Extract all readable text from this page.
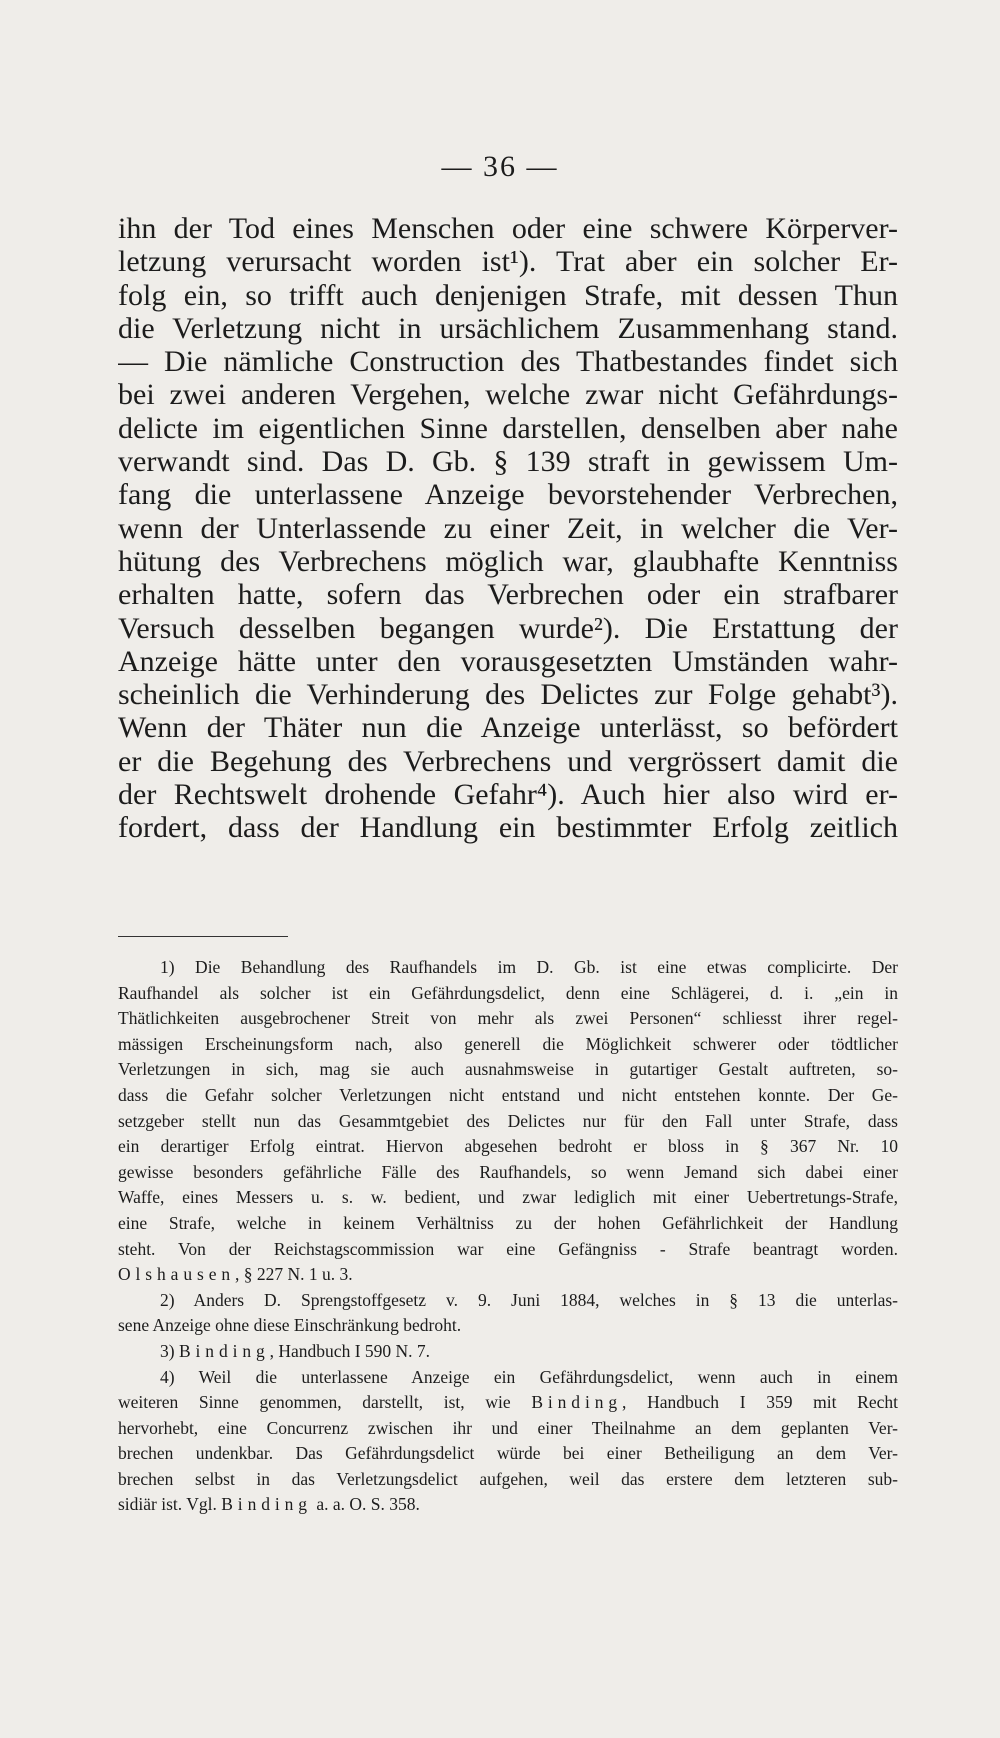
— 36 —
ihn der Tod eines Menschen oder eine schwere Körperver-
letzung verursacht worden ist¹). Trat aber ein solcher Er-
folg ein, so trifft auch denjenigen Strafe, mit dessen Thun
die Verletzung nicht in ursächlichem Zusammenhang stand.
— Die nämliche Construction des Thatbestandes findet sich
bei zwei anderen Vergehen, welche zwar nicht Gefährdungs-
delicte im eigentlichen Sinne darstellen, denselben aber nahe
verwandt sind. Das D. Gb. § 139 straft in gewissem Um-
fang die unterlassene Anzeige bevorstehender Verbrechen,
wenn der Unterlassende zu einer Zeit, in welcher die Ver-
hütung des Verbrechens möglich war, glaubhafte Kenntniss
erhalten hatte, sofern das Verbrechen oder ein strafbarer
Versuch desselben begangen wurde²). Die Erstattung der
Anzeige hätte unter den vorausgesetzten Umständen wahr-
scheinlich die Verhinderung des Delictes zur Folge gehabt³).
Wenn der Thäter nun die Anzeige unterlässt, so befördert
er die Begehung des Verbrechens und vergrössert damit die
der Rechtswelt drohende Gefahr⁴). Auch hier also wird er-
fordert, dass der Handlung ein bestimmter Erfolg zeitlich
1) Die Behandlung des Raufhandels im D. Gb. ist eine etwas complicirte. Der
Raufhandel als solcher ist ein Gefährdungsdelict, denn eine Schlägerei, d. i. „ein in
Thätlichkeiten ausgebrochener Streit von mehr als zwei Personen“ schliesst ihrer regel-
mässigen Erscheinungsform nach, also generell die Möglichkeit schwerer oder tödtlicher
Verletzungen in sich, mag sie auch ausnahmsweise in gutartiger Gestalt auftreten, so-
dass die Gefahr solcher Verletzungen nicht entstand und nicht entstehen konnte. Der Ge-
setzgeber stellt nun das Gesammtgebiet des Delictes nur für den Fall unter Strafe, dass
ein derartiger Erfolg eintrat. Hiervon abgesehen bedroht er bloss in § 367 Nr. 10
gewisse besonders gefährliche Fälle des Raufhandels, so wenn Jemand sich dabei einer
Waffe, eines Messers u. s. w. bedient, und zwar lediglich mit einer Uebertretungs-Strafe,
eine Strafe, welche in keinem Verhältniss zu der hohen Gefährlichkeit der Handlung
steht. Von der Reichstagscommission war eine Gefängniss - Strafe beantragt worden.
Olshausen, § 227 N. 1 u. 3.
2) Anders D. Sprengstoffgesetz v. 9. Juni 1884, welches in § 13 die unterlas-
sene Anzeige ohne diese Einschränkung bedroht.
3) Binding, Handbuch I 590 N. 7.
4) Weil die unterlassene Anzeige ein Gefährdungsdelict, wenn auch in einem
weiteren Sinne genommen, darstellt, ist, wie Binding, Handbuch I 359 mit Recht
hervorhebt, eine Concurrenz zwischen ihr und einer Theilnahme an dem geplanten Ver-
brechen undenkbar. Das Gefährdungsdelict würde bei einer Betheiligung an dem Ver-
brechen selbst in das Verletzungsdelict aufgehen, weil das erstere dem letzteren sub-
sidiär ist. Vgl. Binding a. a. O. S. 358.
